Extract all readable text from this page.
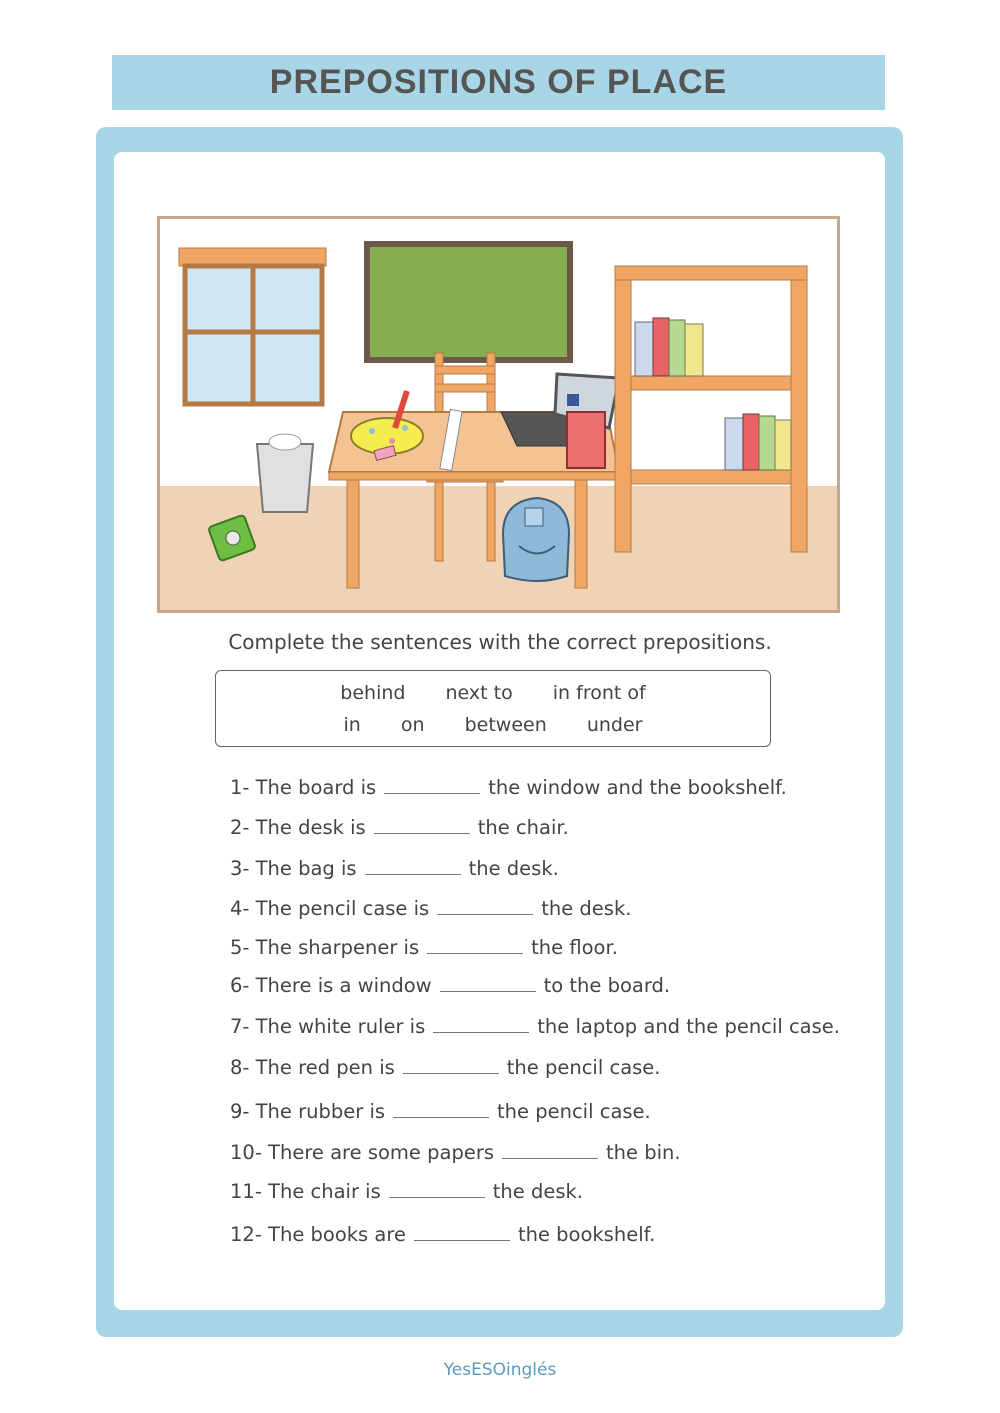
PREPOSITIONS OF PLACE
Complete the sentences with the correct prepositions.
behind next to in front of
in on between under
1- The board is	the window and the bookshelf.
2- The desk is	the chair.
3- The bag is	the desk.
4- The pencil case is	the desk.
5- The sharpener is	the floor.
6- There is a window	to the board.
7- The white ruler is	the laptop and the pencil case.
8- The red pen is	the pencil case.
9- The rubber is	the pencil case.
10- There are some papers	the bin.
11- The chair is	the desk.
12- The books are	the bookshelf.
YesESOinglés
